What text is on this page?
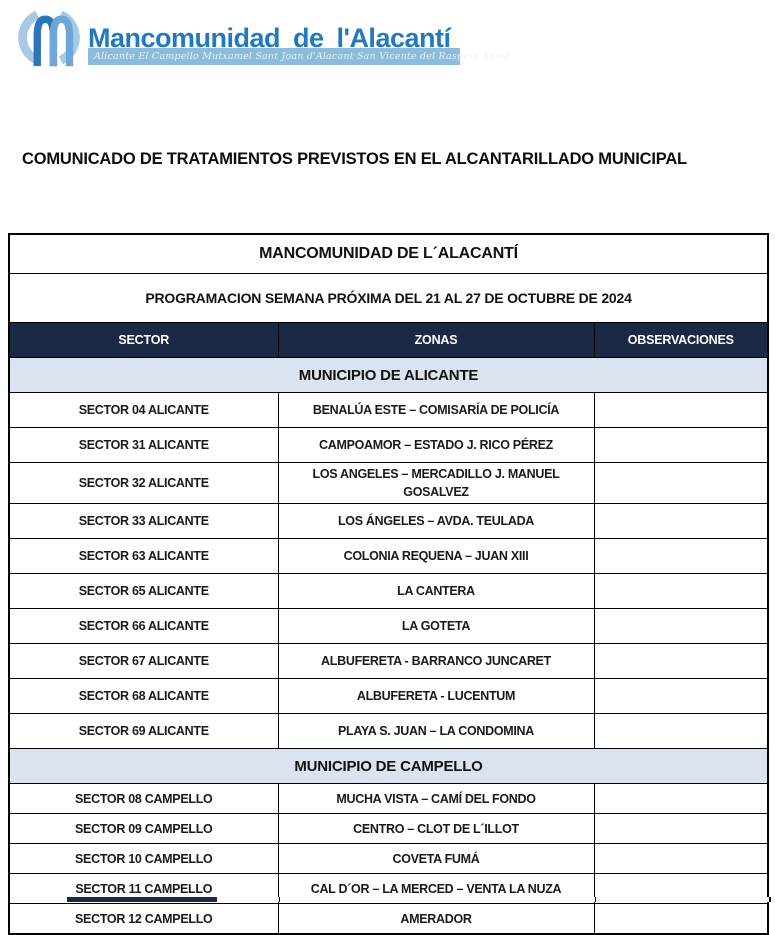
Mancomunidad de l'Alacantí
Alicante El Campello Mutxamel Sant Joan d'Alacant San Vicente del Raspeig Agost
COMUNICADO DE TRATAMIENTOS PREVISTOS EN EL ALCANTARILLADO MUNICIPAL
MANCOMUNIDAD DE L´ALACANTÍ		
PROGRAMACION SEMANA PRÓXIMA DEL 21 AL 27 DE OCTUBRE DE 2024		
SECTOR	ZONAS	OBSERVACIONES
MUNICIPIO DE ALICANTE		
SECTOR 04 ALICANTE	BENALÚA ESTE – COMISARÍA DE POLICÍA	
SECTOR 31 ALICANTE	CAMPOAMOR – ESTADO J. RICO PÉREZ	
SECTOR 32 ALICANTE	LOS ANGELES – MERCADILLO J. MANUEL GOSALVEZ	
SECTOR 33 ALICANTE	LOS ÁNGELES – AVDA. TEULADA	
SECTOR 63 ALICANTE	COLONIA REQUENA – JUAN XIII	
SECTOR 65 ALICANTE	LA CANTERA	
SECTOR 66 ALICANTE	LA GOTETA	
SECTOR 67 ALICANTE	ALBUFERETA - BARRANCO JUNCARET	
SECTOR 68 ALICANTE	ALBUFERETA - LUCENTUM	
SECTOR 69 ALICANTE	PLAYA S. JUAN – LA CONDOMINA	
MUNICIPIO DE CAMPELLO		
SECTOR 08 CAMPELLO	MUCHA VISTA – CAMÍ DEL FONDO	
SECTOR 09 CAMPELLO	CENTRO – CLOT DE L´ILLOT	
SECTOR 10 CAMPELLO	COVETA FUMÁ	
SECTOR 11 CAMPELLO	CAL D´OR – LA MERCED – VENTA LA NUZA	
SECTOR 12 CAMPELLO	AMERADOR	
